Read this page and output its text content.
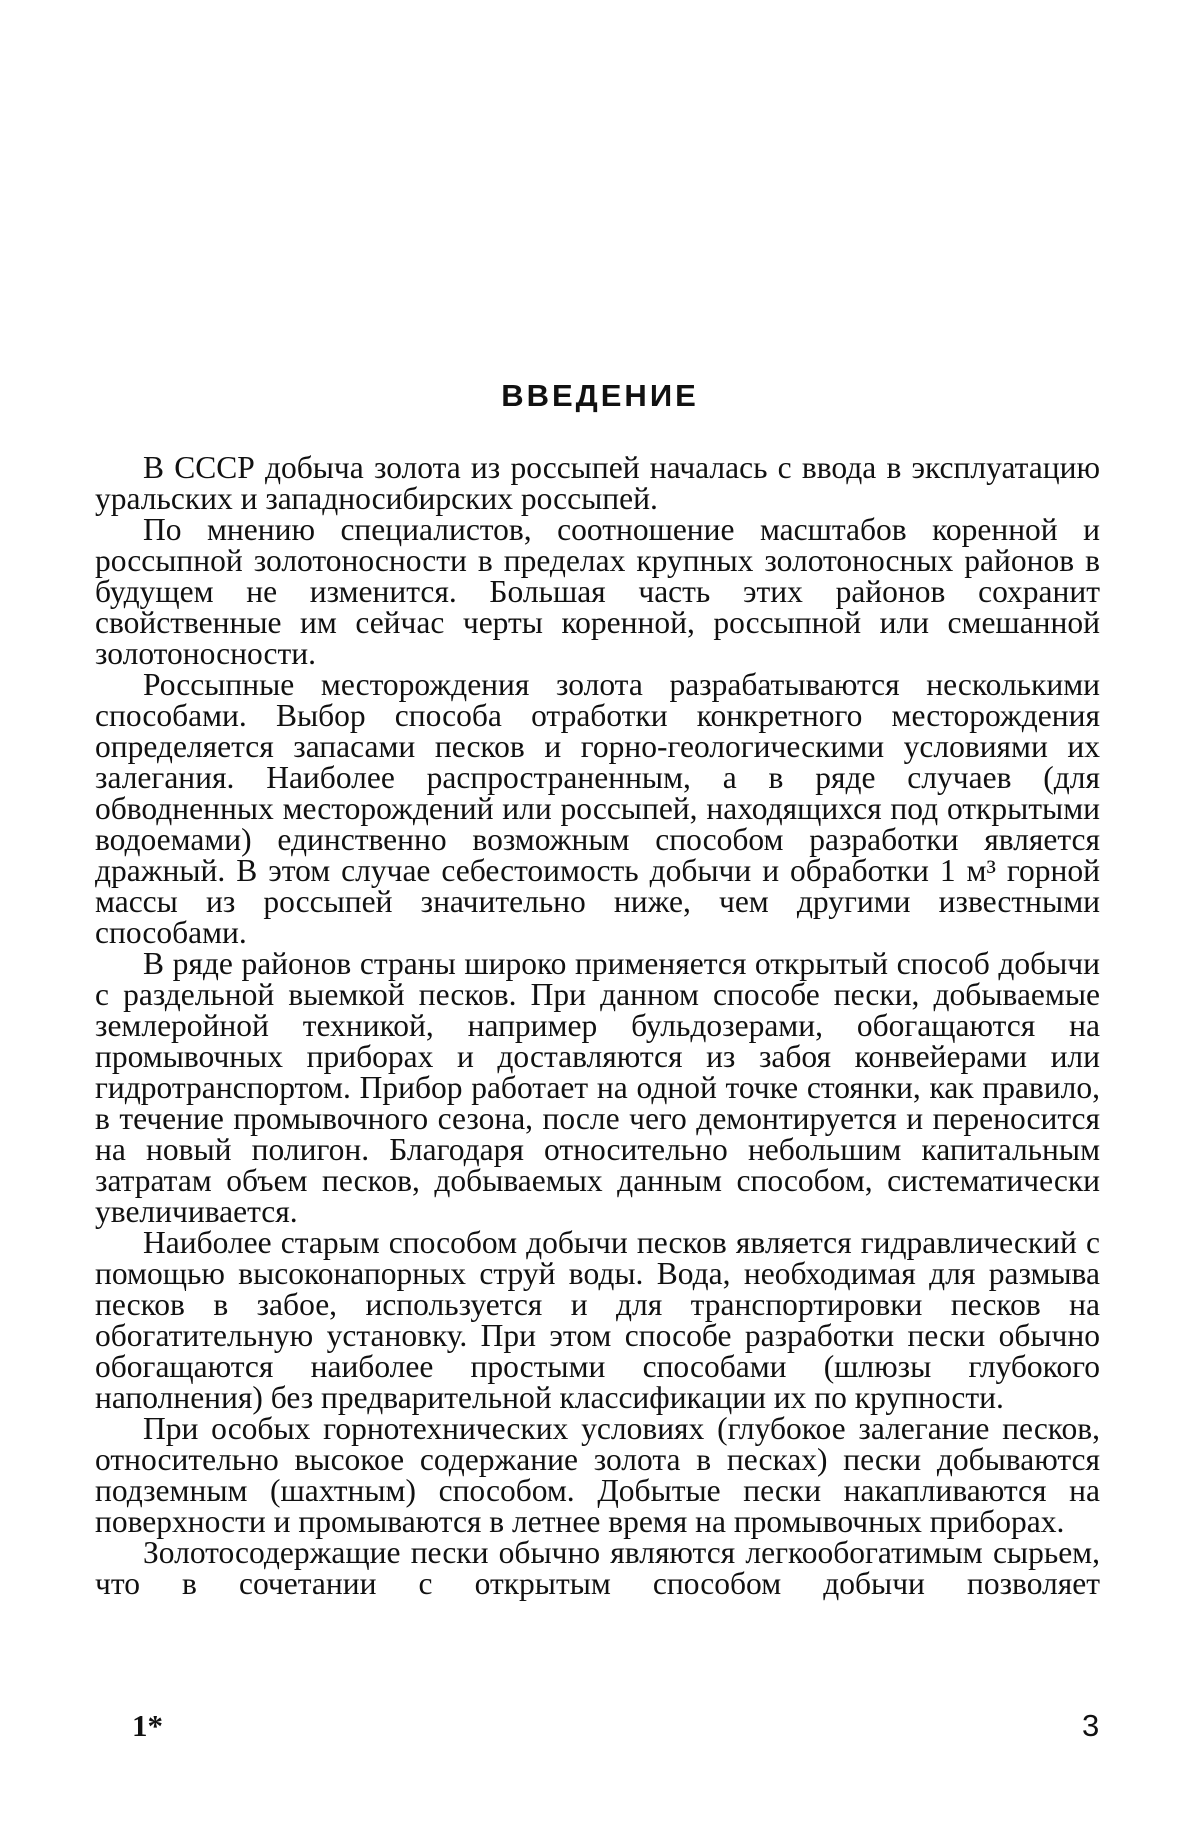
ВВЕДЕНИЕ

В СССР добыча золота из россыпей началась с ввода в эксплуатацию уральских и западносибирских россыпей.

По мнению специалистов, соотношение масштабов коренной и россыпной золотоносности в пределах крупных золотоносных районов в будущем не изменится. Большая часть этих районов сохранит свойственные им сейчас черты коренной, россыпной или смешанной золотоносности.

Россыпные месторождения золота разрабатываются несколькими способами. Выбор способа отработки конкретного месторождения определяется запасами песков и горно-геологическими условиями их залегания. Наиболее распространенным, а в ряде случаев (для обводненных месторождений или россыпей, находящихся под открытыми водоемами) единственно возможным способом разработки является дражный. В этом случае себестоимость добычи и обработки 1 м³ горной массы из россыпей значительно ниже, чем другими известными способами.

В ряде районов страны широко применяется открытый способ добычи с раздельной выемкой песков. При данном способе пески, добываемые землеройной техникой, например бульдозерами, обогащаются на промывочных приборах и доставляются из забоя конвейерами или гидротранспортом. Прибор работает на одной точке стоянки, как правило, в течение промывочного сезона, после чего демонтируется и переносится на новый полигон. Благодаря относительно небольшим капитальным затратам объем песков, добываемых данным способом, систематически увеличивается.

Наиболее старым способом добычи песков является гидравлический с помощью высоконапорных струй воды. Вода, необходимая для размыва песков в забое, используется и для транспортировки песков на обогатительную установку. При этом способе разработки пески обычно обогащаются наиболее простыми способами (шлюзы глубокого наполнения) без предварительной классификации их по крупности.

При особых горнотехнических условиях (глубокое залегание песков, относительно высокое содержание золота в песках) пески добываются подземным (шахтным) способом. Добытые пески накапливаются на поверхности и промываются в летнее время на промывочных приборах.

Золотосодержащие пески обычно являются легкообогатимым сырьем, что в сочетании с открытым способом добычи позволяет

1*	3
